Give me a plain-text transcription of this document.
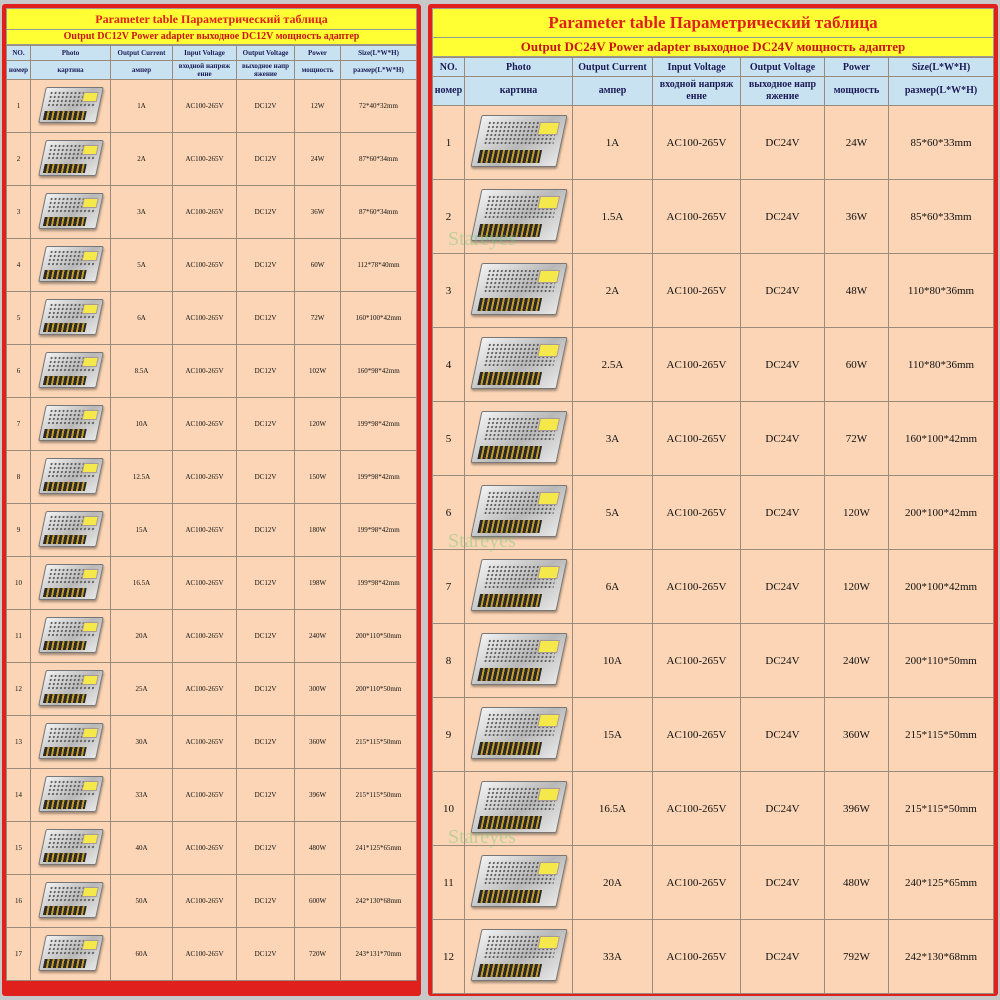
Parameter table Параметрический таблица
Output DC12V Power adapter выходное DC12V мощность адаптер
NO.	Photo	Output Current	Input Voltage	Output Voltage	Power	Size(L*W*H)
номер	картина	ампер	входной напряж енне	выходное напр яжение	мощность	размер(L*W*H)
1		1A	AC100-265V	DC12V	12W	72*40*32mm
2		2A	AC100-265V	DC12V	24W	87*60*34mm
3		3A	AC100-265V	DC12V	36W	87*60*34mm
4		5A	AC100-265V	DC12V	60W	112*78*40mm
5		6A	AC100-265V	DC12V	72W	160*100*42mm
6		8.5A	AC100-265V	DC12V	102W	160*98*42mm
7		10A	AC100-265V	DC12V	120W	199*98*42mm
8		12.5A	AC100-265V	DC12V	150W	199*98*42mm
9		15A	AC100-265V	DC12V	180W	199*98*42mm
10		16.5A	AC100-265V	DC12V	198W	199*98*42mm
11		20A	AC100-265V	DC12V	240W	200*110*50mm
12		25A	AC100-265V	DC12V	300W	200*110*50mm
13		30A	AC100-265V	DC12V	360W	215*115*50mm
14		33A	AC100-265V	DC12V	396W	215*115*50mm
15		40A	AC100-265V	DC12V	480W	241*125*65mm
16		50A	AC100-265V	DC12V	600W	242*130*68mm
17		60A	AC100-265V	DC12V	720W	243*131*70mm
Parameter table Параметрический таблица
Output DC24V Power adapter выходное DC24V мощность адаптер
NO.	Photo	Output Current	Input Voltage	Output Voltage	Power	Size(L*W*H)
номер	картина	ампер	входной напряж енне	выходное напр яжение	мощность	размер(L*W*H)
1		1A	AC100-265V	DC24V	24W	85*60*33mm
2		1.5A	AC100-265V	DC24V	36W	85*60*33mm
3		2A	AC100-265V	DC24V	48W	110*80*36mm
4		2.5A	AC100-265V	DC24V	60W	110*80*36mm
5		3A	AC100-265V	DC24V	72W	160*100*42mm
6		5A	AC100-265V	DC24V	120W	200*100*42mm
7		6A	AC100-265V	DC24V	120W	200*100*42mm
8		10A	AC100-265V	DC24V	240W	200*110*50mm
9		15A	AC100-265V	DC24V	360W	215*115*50mm
10		16.5A	AC100-265V	DC24V	396W	215*115*50mm
11		20A	AC100-265V	DC24V	480W	240*125*65mm
12		33A	AC100-265V	DC24V	792W	242*130*68mm
Stareyes
Stareyes
Stareyes
